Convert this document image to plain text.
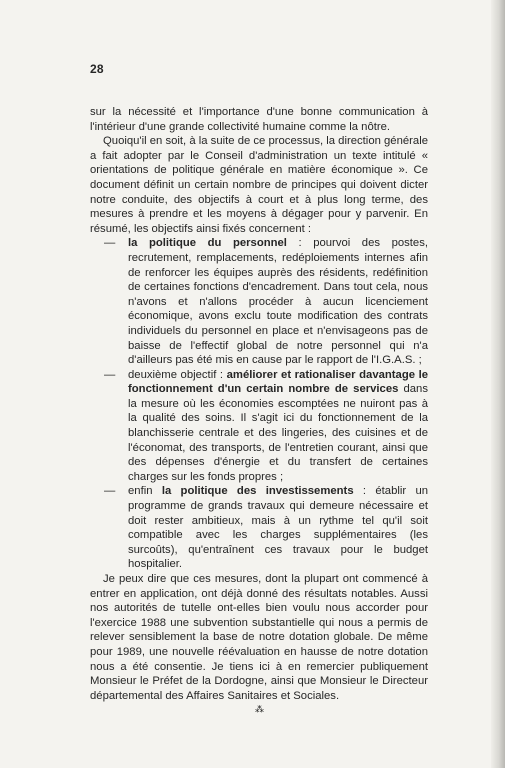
28

sur la nécessité et l'importance d'une bonne communication à l'intérieur d'une grande collectivité humaine comme la nôtre.

Quoiqu'il en soit, à la suite de ce processus, la direction générale a fait adopter par le Conseil d'administration un texte intitulé « orientations de politique générale en matière économique ». Ce document définit un certain nombre de principes qui doivent dicter notre conduite, des objectifs à court et à plus long terme, des mesures à prendre et les moyens à dégager pour y parvenir. En résumé, les objectifs ainsi fixés concernent :

— la politique du personnel : pourvoi des postes, recrutement, remplacements, redéploiements internes afin de renforcer les équipes auprès des résidents, redéfinition de certaines fonctions d'encadrement. Dans tout cela, nous n'avons et n'allons procéder à aucun licenciement économique, avons exclu toute modification des contrats individuels du personnel en place et n'envisageons pas de baisse de l'effectif global de notre personnel qui n'a d'ailleurs pas été mis en cause par le rapport de l'I.G.A.S. ;
— deuxième objectif : améliorer et rationaliser davantage le fonctionnement d'un certain nombre de services dans la mesure où les économies escomptées ne nuiront pas à la qualité des soins. Il s'agit ici du fonctionnement de la blanchisserie centrale et des lingeries, des cuisines et de l'économat, des transports, de l'entretien courant, ainsi que des dépenses d'énergie et du transfert de certaines charges sur les fonds propres ;
— enfin la politique des investissements : établir un programme de grands travaux qui demeure nécessaire et doit rester ambitieux, mais à un rythme tel qu'il soit compatible avec les charges supplémentaires (les surcoûts), qu'entraînent ces travaux pour le budget hospitalier.

Je peux dire que ces mesures, dont la plupart ont commencé à entrer en application, ont déjà donné des résultats notables. Aussi nos autorités de tutelle ont-elles bien voulu nous accorder pour l'exercice 1988 une subvention substantielle qui nous a permis de relever sensiblement la base de notre dotation globale. De même pour 1989, une nouvelle réévaluation en hausse de notre dotation nous a été consentie. Je tiens ici à en remercier publiquement Monsieur le Préfet de la Dordogne, ainsi que Monsieur le Directeur départemental des Affaires Sanitaires et Sociales.

⁂
